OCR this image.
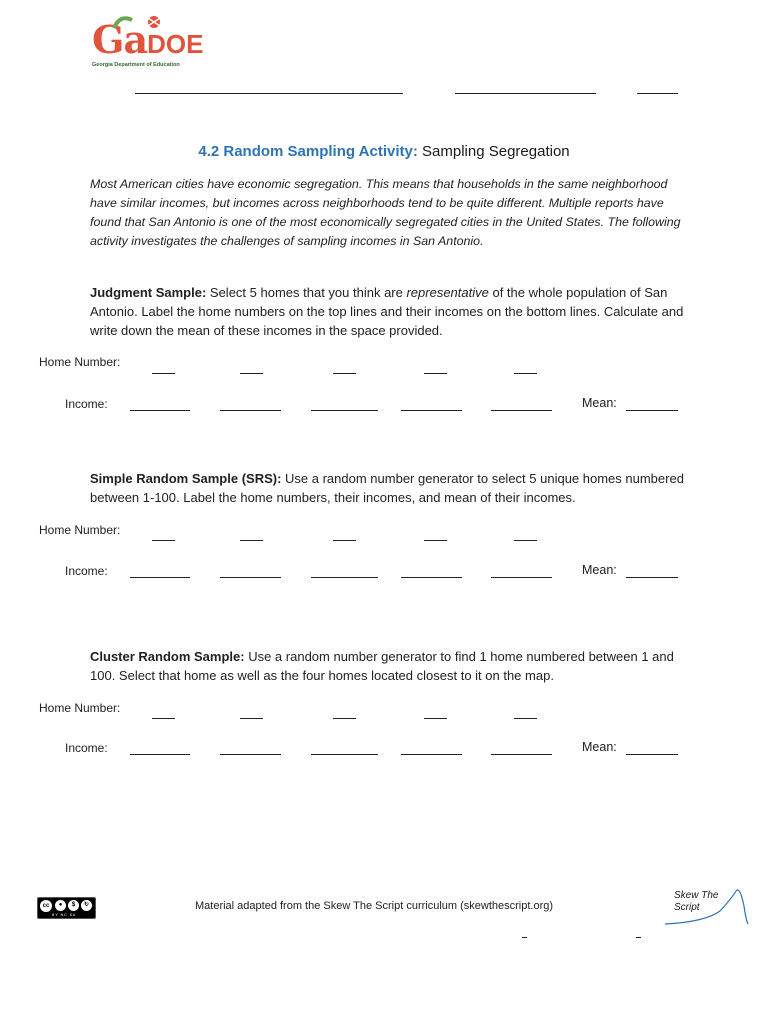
GaDOE
Georgia Department of Education
4.2 Random Sampling Activity: Sampling Segregation
Most American cities have economic segregation. This means that households in the same neighborhood have similar incomes, but incomes across neighborhoods tend to be quite different. Multiple reports have found that San Antonio is one of the most economically segregated cities in the United States. The following activity investigates the challenges of sampling incomes in San Antonio.
Judgment Sample: Select 5 homes that you think are representative of the whole population of San Antonio. Label the home numbers on the top lines and their incomes on the bottom lines. Calculate and write down the mean of these incomes in the space provided.
Home Number:
Income:	Mean:
Simple Random Sample (SRS): Use a random number generator to select 5 unique homes numbered between 1-100. Label the home numbers, their incomes, and mean of their incomes.
Home Number:
Income:	Mean:
Cluster Random Sample: Use a random number generator to find 1 home numbered between 1 and 100. Select that home as well as the four homes located closest to it on the map.
Home Number:
Income:	Mean:
cc	●	$	↻
BY NC SA
Material adapted from the Skew The Script curriculum (skewthescript.org)
Skew The
Script
